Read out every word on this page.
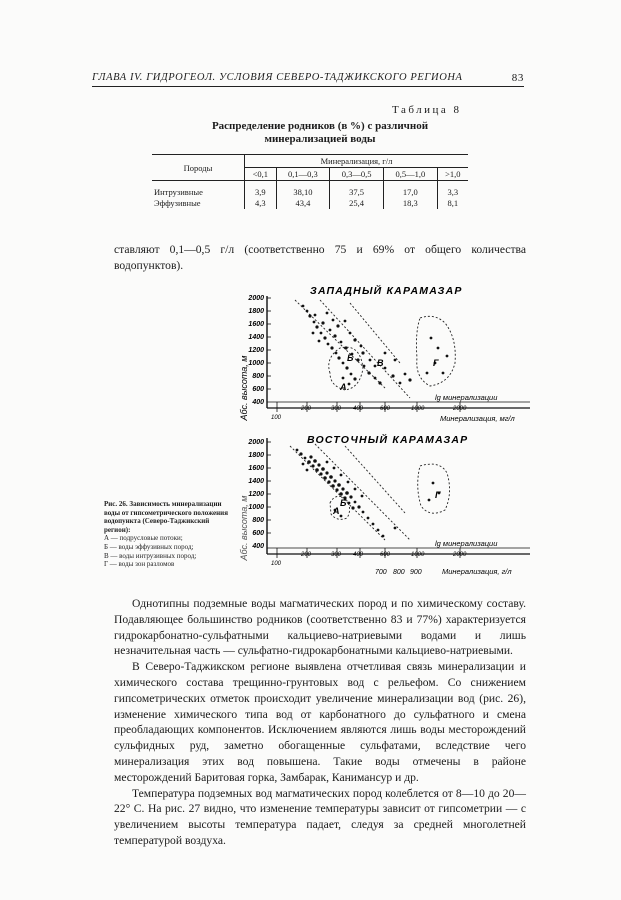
ГЛАВА IV. ГИДРОГЕОЛ. УСЛОВИЯ СЕВЕРО-ТАДЖИКСКОГО РЕГИОНА	83
Таблица 8
Распределение родников (в %) с различной
минерализацией воды
Породы	Минерализация, г/л				
	<0,1	0,1—0,3	0,3—0,5	0,5—1,0	>1,0
Интрузивные	3,9	38,10	37,5	17,0	3,3
Эффузивные	4,3	43,4	25,4	18,3	8,1

ставляют 0,1—0,5 г/л (соответственно 75 и 69% от общего количества водопунктов).

ЗАПАДНЫЙ КАРАМАЗАР
ВОСТОЧНЫЙ КАРАМАЗАР
Абс. высота, м
Абс. высота, м
2000
1800
1600
1400
1200
1000
800
600
400
100
200	300 400	600	1000	2000
lg минерализации
Минерализация, мг/л
А
Б	В	Г
2000
1800
1600
1400
1200
1000
800
600
400
100
200	300 400	600	1000	2000
lg минерализации
700 800 900	Минерализация, г/л
А
Б
Г
Рис. 26. Зависимость минерализации воды от гипсометрического положения водопункта (Северо-Таджикский регион):
А — подрусловые потоки;
Б — воды эффузивных пород;
В — воды интрузивных пород;
Г — воды зон разломов

Однотипны подземные воды магматических пород и по химическому составу. Подавляющее большинство родников (соответственно 83 и 77%) характеризуется гидрокарбонатно-сульфатными кальциево-натриевыми водами и лишь незначительная часть — сульфатно-гидрокарбонатными кальциево-натриевыми.

В Северо-Таджикском регионе выявлена отчетливая связь минерализации и химического состава трещинно-грунтовых вод с рельефом. Со снижением гипсометрических отметок происходит увеличение минерализации вод (рис. 26), изменение химического типа вод от карбонатного до сульфатного и смена преобладающих компонентов. Исключением являются лишь воды месторождений сульфидных руд, заметно обогащенные сульфатами, вследствие чего минерализация этих вод повышена. Такие воды отмечены в районе месторождений Баритовая горка, Замбарак, Канимансур и др.

Температура подземных вод магматических пород колеблется от 8—10 до 20—22° С. На рис. 27 видно, что изменение температуры зависит от гипсометрии — с увеличением высоты температура падает, следуя за средней многолетней температурой воздуха.
